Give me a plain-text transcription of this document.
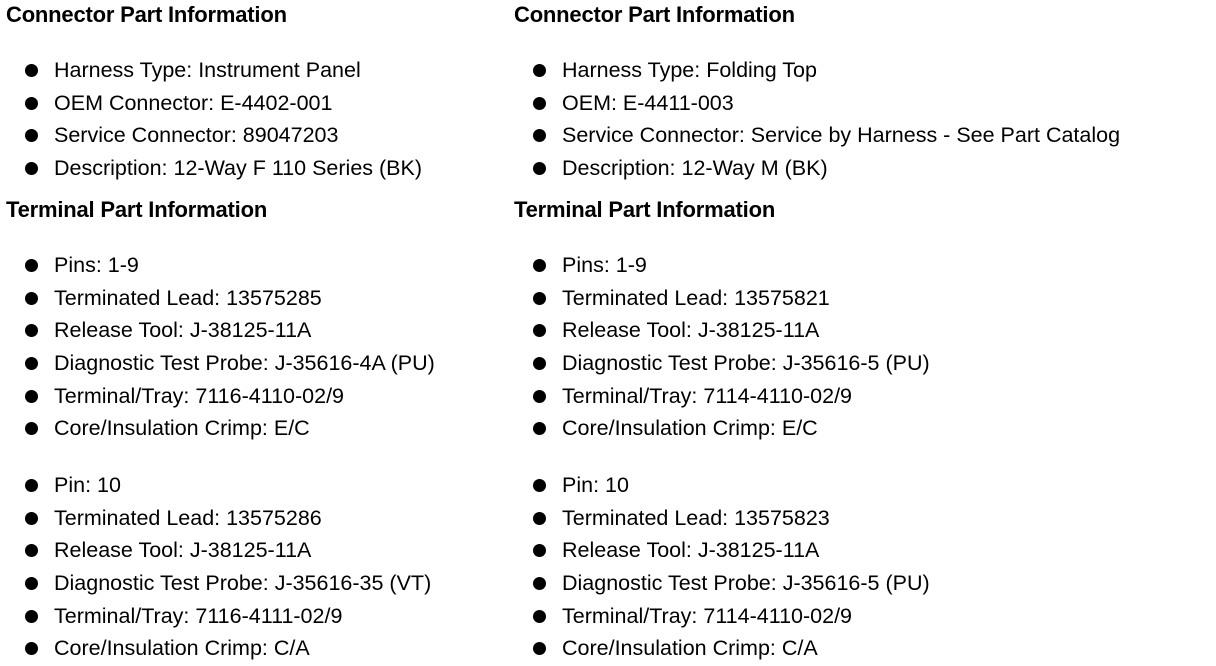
Connector Part Information
Harness Type: Instrument Panel
OEM Connector: E-4402-001
Service Connector: 89047203
Description: 12-Way F 110 Series (BK)
Terminal Part Information
Pins: 1-9
Terminated Lead: 13575285
Release Tool: J-38125-11A
Diagnostic Test Probe: J-35616-4A (PU)
Terminal/Tray: 7116-4110-02/9
Core/Insulation Crimp: E/C
Pin: 10
Terminated Lead: 13575286
Release Tool: J-38125-11A
Diagnostic Test Probe: J-35616-35 (VT)
Terminal/Tray: 7116-4111-02/9
Core/Insulation Crimp: C/A
Connector Part Information
Harness Type: Folding Top
OEM: E-4411-003
Service Connector: Service by Harness - See Part Catalog
Description: 12-Way M (BK)
Terminal Part Information
Pins: 1-9
Terminated Lead: 13575821
Release Tool: J-38125-11A
Diagnostic Test Probe: J-35616-5 (PU)
Terminal/Tray: 7114-4110-02/9
Core/Insulation Crimp: E/C
Pin: 10
Terminated Lead: 13575823
Release Tool: J-38125-11A
Diagnostic Test Probe: J-35616-5 (PU)
Terminal/Tray: 7114-4110-02/9
Core/Insulation Crimp: C/A
